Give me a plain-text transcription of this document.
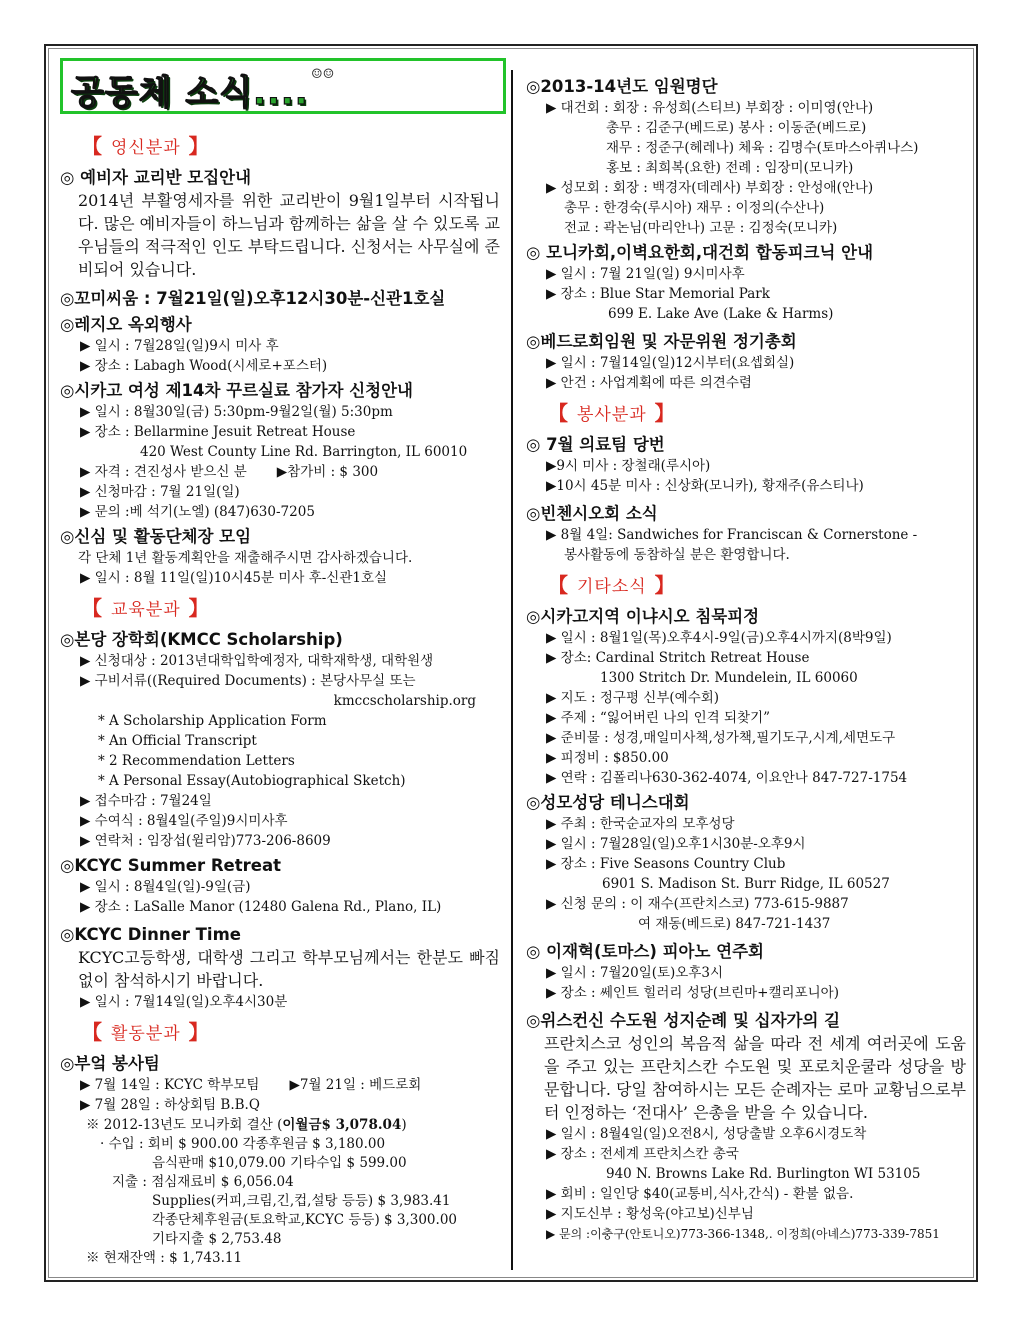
공동체 소식.... ☺☺
【 영신분과 】
◎ 예비자 교리반 모집안내
2014년 부활영세자를 위한 교리반이 9월1일부터 시작됩니다. 많은 예비자들이 하느님과 함께하는 삶을 살 수 있도록 교우님들의 적극적인 인도 부탁드립니다. 신청서는 사무실에 준비되어 있습니다.
◎꼬미씨움 : 7월21일(일)오후12시30분-신관1호실
◎레지오 옥외행사
▶ 일시 : 7월28일(일)9시 미사 후
▶ 장소 : Labagh Wood(시세로+포스터)
◎시카고 여성 제14차 꾸르실료 참가자 신청안내
▶ 일시 : 8월30일(금) 5:30pm-9월2일(월) 5:30pm
▶ 장소 : Bellarmine Jesuit Retreat House
420 West County Line Rd. Barrington, IL 60010
▶ 자격 : 견진성사 받으신 분 ▶참가비 : $ 300
▶ 신청마감 : 7월 21일(일)
▶ 문의 :베 석기(노엘) (847)630-7205
◎신심 및 활동단체장 모임
각 단체 1년 활동계획안을 재출해주시면 감사하겠습니다.
▶ 일시 : 8월 11일(일)10시45분 미사 후-신관1호실
【 교육분과 】
◎본당 장학회(KMCC Scholarship)
▶ 신청대상 : 2013년대학입학예정자, 대학재학생, 대학원생
▶ 구비서류((Required Documents) : 본당사무실 또는
kmccscholarship.org
* A Scholarship Application Form
* An Official Transcript
* 2 Recommendation Letters
* A Personal Essay(Autobiographical Sketch)
▶ 접수마감 : 7월24일
▶ 수여식 : 8월4일(주일)9시미사후
▶ 연락처 : 임장섭(윌리암)773-206-8609
◎KCYC Summer Retreat
▶ 일시 : 8월4일(일)-9일(금)
▶ 장소 : LaSalle Manor (12480 Galena Rd., Plano, IL)
◎KCYC Dinner Time
KCYC고등학생, 대학생 그리고 학부모님께서는 한분도 빠짐없이 참석하시기 바랍니다.
▶ 일시 : 7월14일(일)오후4시30분
【 활동분과 】
◎부엌 봉사팀
▶ 7월 14일 : KCYC 학부모팀 ▶7월 21일 : 베드로회
▶ 7월 28일 : 하상회팀 B.B.Q
※ 2012-13년도 모니카회 결산 (이월금$ 3,078.04)
· 수입 : 회비 $ 900.00 각종후원금 $ 3,180.00
음식판매 $10,079.00 기타수입 $ 599.00
지출 : 점심재료비 $ 6,056.04
Supplies(커피,크림,긴,컵,설탕 등등) $ 3,983.41
각종단체후원금(토요학교,KCYC 등등) $ 3,300.00
기타지출 $ 2,753.48
※ 현재잔액 : $ 1,743.11
◎2013-14년도 임원명단
▶ 대건회 : 회장 : 유성희(스티브) 부회장 : 이미영(안나)
총무 : 김준구(베드로) 봉사 : 이동준(베드로)
재무 : 정준구(헤레나) 체육 : 김명수(토마스아퀴나스)
홍보 : 최희복(요한) 전례 : 임장미(모니카)
▶ 성모회 : 회장 : 백경자(데레사) 부회장 : 안성애(안나)
총무 : 한경숙(루시아) 재무 : 이정의(수산나)
전교 : 곽논님(마리안나) 고문 : 김정숙(모니카)
◎ 모니카회,이벽요한회,대건회 합동피크닉 안내
▶ 일시 : 7월 21일(일) 9시미사후
▶ 장소 : Blue Star Memorial Park
699 E. Lake Ave (Lake & Harms)
◎베드로회임원 및 자문위원 정기총회
▶ 일시 : 7월14일(일)12시부터(요셉회실)
▶ 안건 : 사업계획에 따른 의견수렴
【 봉사분과 】
◎ 7월 의료팀 당번
▶9시 미사 : 장철래(루시아)
▶10시 45분 미사 : 신상화(모니카), 황재주(유스티나)
◎빈첸시오회 소식
▶ 8월 4일: Sandwiches for Franciscan & Cornerstone -
봉사활동에 동참하실 분은 환영합니다.
【 기타소식 】
◎시카고지역 이냐시오 침묵피정
▶ 일시 : 8월1일(목)오후4시-9일(금)오후4시까지(8박9일)
▶ 장소: Cardinal Stritch Retreat House
1300 Stritch Dr. Mundelein, IL 60060
▶ 지도 : 정구평 신부(예수회)
▶ 주제 : “잃어버린 나의 인격 되찾기”
▶ 준비물 : 성경,매일미사책,성가책,필기도구,시계,세면도구
▶ 피정비 : $850.00
▶ 연락 : 김폴리나630-362-4074, 이요안나 847-727-1754
◎성모성당 테니스대회
▶ 주최 : 한국순교자의 모후성당
▶ 일시 : 7월28일(일)오후1시30분-오후9시
▶ 장소 : Five Seasons Country Club
6901 S. Madison St. Burr Ridge, IL 60527
▶ 신청 문의 : 이 재수(프란치스코) 773-615-9887
여 재동(베드로) 847-721-1437
◎ 이재혁(토마스) 피아노 연주회
▶ 일시 : 7월20일(토)오후3시
▶ 장소 : 쎄인트 힐러리 성당(브린마+캘리포니아)
◎위스컨신 수도원 성지순례 및 십자가의 길
프란치스코 성인의 복음적 삶을 따라 전 세계 여러곳에 도움을 주고 있는 프란치스칸 수도원 및 포로치운쿨라 성당을 방문합니다. 당일 참여하시는 모든 순례자는 로마 교황님으로부터 인정하는 ‘전대사’ 은총을 받을 수 있습니다.
▶ 일시 : 8월4일(일)오전8시, 성당출발 오후6시경도착
▶ 장소 : 전세계 프란치스칸 총국
940 N. Browns Lake Rd. Burlington WI 53105
▶ 회비 : 일인당 $40(교통비,식사,간식) - 환불 없음.
▶ 지도신부 : 황성욱(야고보)신부님
▶ 문의 :이충구(안토니오)773-366-1348,. 이정희(아녜스)773-339-7851
